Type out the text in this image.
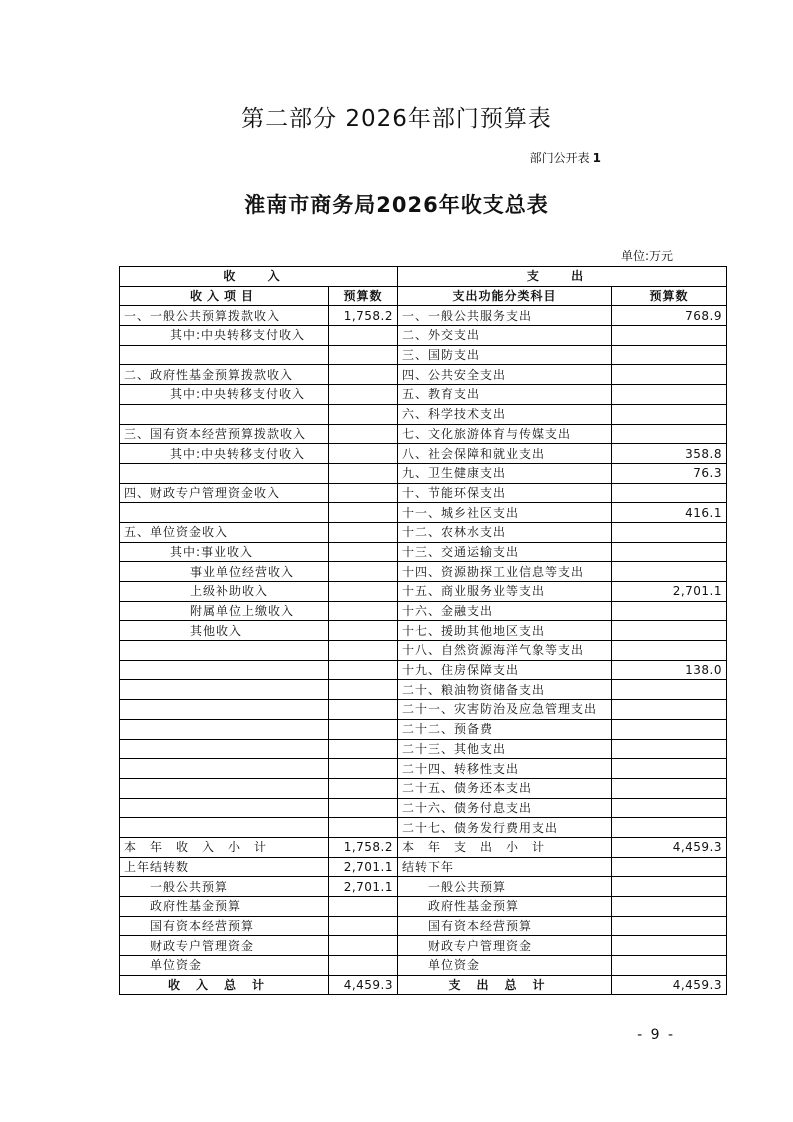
第二部分 2026年部门预算表
部门公开表 1
淮南市商务局2026年收支总表
单位:万元
收 入		支 出	
收入项目	预算数	支出功能分类科目	预算数
一、一般公共预算拨款收入	1,758.2	一、一般公共服务支出	768.9
其中:中央转移支付收入		二、外交支出	
		三、国防支出	
二、政府性基金预算拨款收入		四、公共安全支出	
其中:中央转移支付收入		五、教育支出	
		六、科学技术支出	
三、国有资本经营预算拨款收入		七、文化旅游体育与传媒支出	
其中:中央转移支付收入		八、社会保障和就业支出	358.8
		九、卫生健康支出	76.3
四、财政专户管理资金收入		十、节能环保支出	
		十一、城乡社区支出	416.1
五、单位资金收入		十二、农林水支出	
其中:事业收入		十三、交通运输支出	
事业单位经营收入		十四、资源勘探工业信息等支出	
上级补助收入		十五、商业服务业等支出	2,701.1
附属单位上缴收入		十六、金融支出	
其他收入		十七、援助其他地区支出	
		十八、自然资源海洋气象等支出	
		十九、住房保障支出	138.0
		二十、粮油物资储备支出	
		二十一、灾害防治及应急管理支出	
		二十二、预备费	
		二十三、其他支出	
		二十四、转移性支出	
		二十五、债务还本支出	
		二十六、债务付息支出	
		二十七、债务发行费用支出	
本年收入小计	1,758.2	本年支出小计	4,459.3
上年结转数	2,701.1	结转下年	
一般公共预算	2,701.1	一般公共预算	
政府性基金预算		政府性基金预算	
国有资本经营预算		国有资本经营预算	
财政专户管理资金		财政专户管理资金	
单位资金		单位资金	
收入总计	4,459.3	支出总计	4,459.3
- 9 -
